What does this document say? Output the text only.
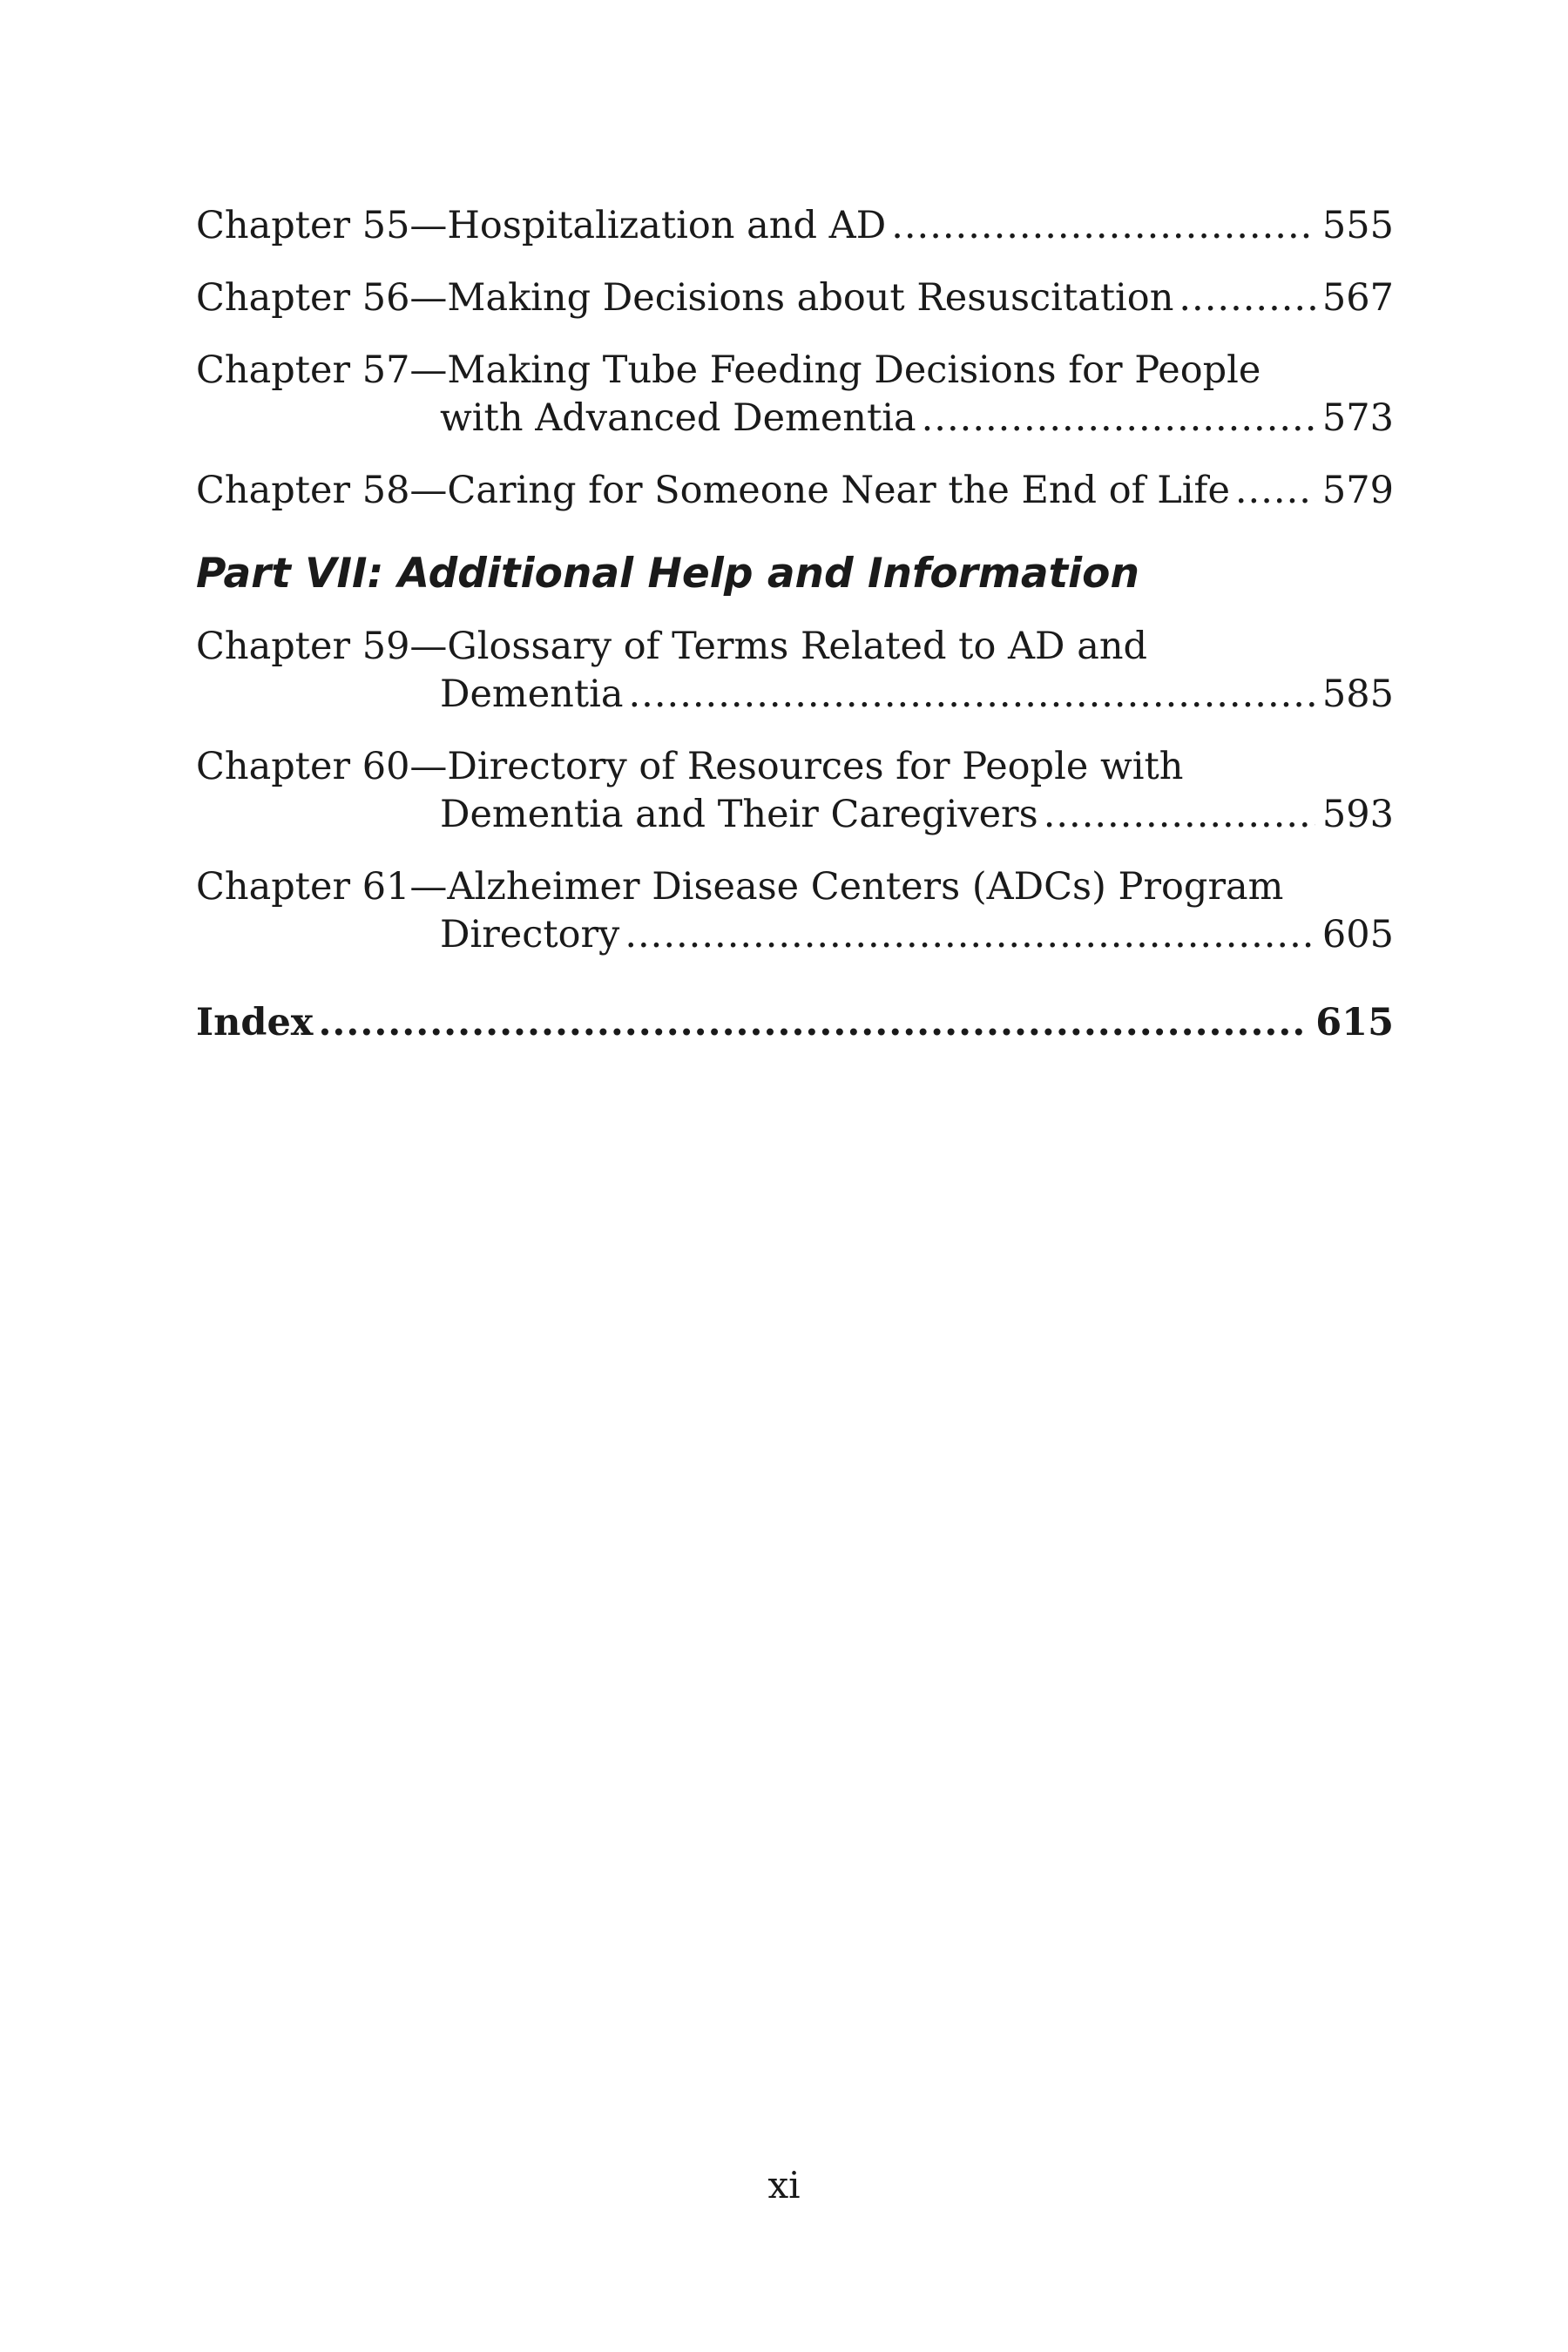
Chapter 55—Hospitalization and AD .....	555
Chapter 56—Making Decisions about Resuscitation .....	567
Chapter 57—Making Tube Feeding Decisions for People
with Advanced Dementia .....	573
Chapter 58—Caring for Someone Near the End of Life ..... 579
Part VII: Additional Help and Information
Chapter 59—Glossary of Terms Related to AD and
Dementia .....	585
Chapter 60—Directory of Resources for People with
Dementia and Their Caregivers .....	593
Chapter 61—Alzheimer Disease Centers (ADCs) Program
Directory .....	605
Index .....	615
xi
